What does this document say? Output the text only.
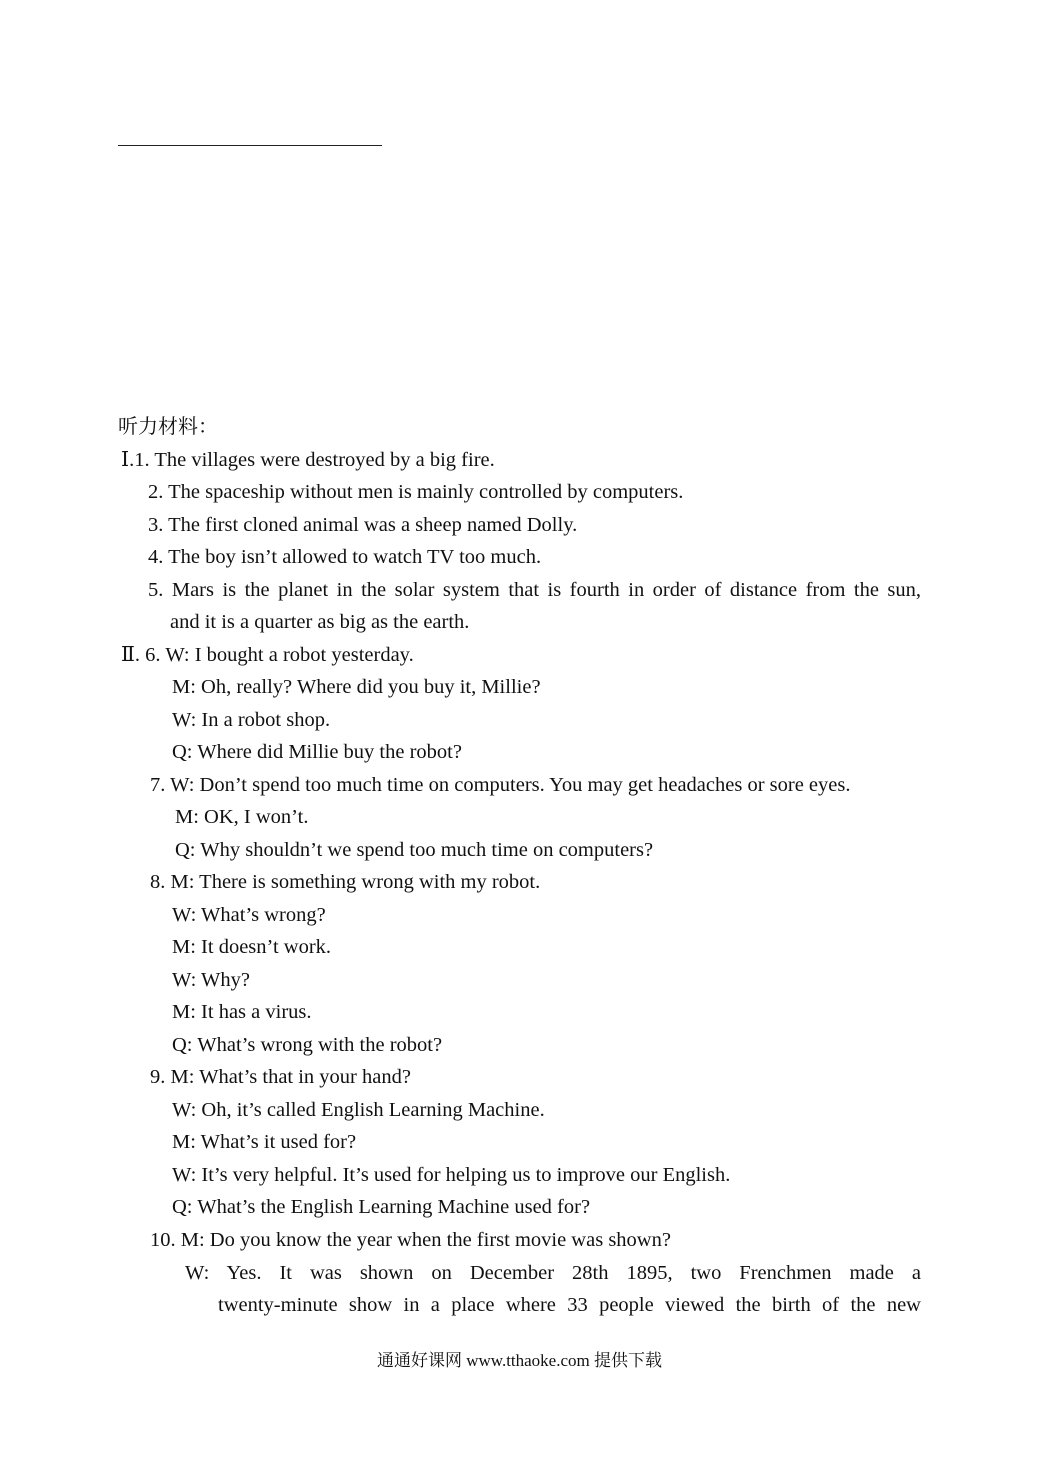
听力材料：
Ⅰ.1. The villages were destroyed by a big fire.
2. The spaceship without men is mainly controlled by computers.
3. The first cloned animal was a sheep named Dolly.
4. The boy isn’t allowed to watch TV too much.
5. Mars is the planet in the solar system that is fourth in order of distance from the sun,
and it is a quarter as big as the earth.
Ⅱ. 6. W: I bought a robot yesterday.
M: Oh, really? Where did you buy it, Millie?
W: In a robot shop.
Q: Where did Millie buy the robot?
7. W: Don’t spend too much time on computers. You may get headaches or sore eyes.
M: OK, I won’t.
Q: Why shouldn’t we spend too much time on computers?
8. M: There is something wrong with my robot.
W: What’s wrong?
M: It doesn’t work.
W: Why?
M: It has a virus.
Q: What’s wrong with the robot?
9. M: What’s that in your hand?
W: Oh, it’s called English Learning Machine.
M: What’s it used for?
W: It’s very helpful. It’s used for helping us to improve our English.
Q: What’s the English Learning Machine used for?
10. M: Do you know the year when the first movie was shown?
W: Yes. It was shown on December 28th 1895, two Frenchmen made a
twenty-minute show in a place where 33 people viewed the birth of the new
通通好课网 www.tthaoke.com 提供下载
